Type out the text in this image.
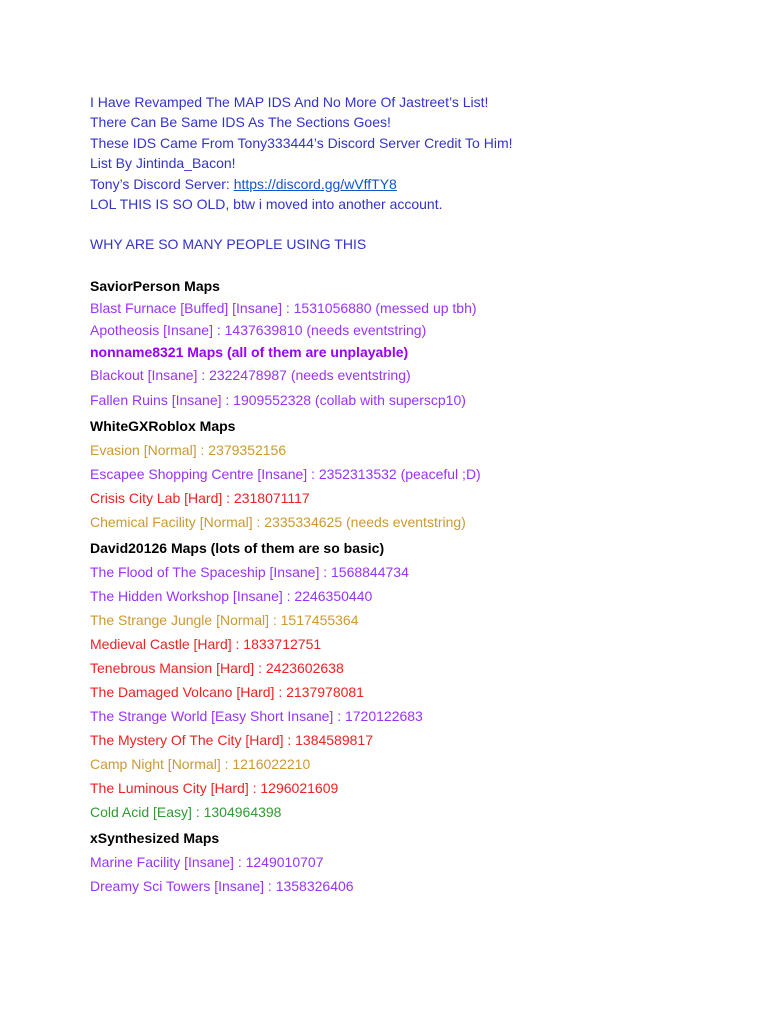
I Have Revamped The MAP IDS And No More Of Jastreet’s List!
There Can Be Same IDS As The Sections Goes!
These IDS Came From Tony333444’s Discord Server Credit To Him!
List By Jintinda_Bacon!
Tony’s Discord Server: https://discord.gg/wVffTY8
LOL THIS IS SO OLD, btw i moved into another account.
WHY ARE SO MANY PEOPLE USING THIS
SaviorPerson Maps
Blast Furnace [Buffed] [Insane] : 1531056880 (messed up tbh)
Apotheosis [Insane] : 1437639810 (needs eventstring)
nonname8321 Maps (all of them are unplayable)
Blackout [Insane] : 2322478987 (needs eventstring)
Fallen Ruins [Insane] : 1909552328 (collab with superscp10)
WhiteGXRoblox Maps
Evasion [Normal] : 2379352156
Escapee Shopping Centre [Insane] : 2352313532 (peaceful ;D)
Crisis City Lab [Hard] : 2318071117
Chemical Facility [Normal] : 2335334625 (needs eventstring)
David20126 Maps (lots of them are so basic)
The Flood of The Spaceship [Insane] : 1568844734
The Hidden Workshop [Insane] : 2246350440
The Strange Jungle [Normal] : 1517455364
Medieval Castle [Hard] : 1833712751
Tenebrous Mansion [Hard] : 2423602638
The Damaged Volcano [Hard] : 2137978081
The Strange World [Easy Short Insane] : 1720122683
The Mystery Of The City [Hard] : 1384589817
Camp Night [Normal] : 1216022210
The Luminous City [Hard] : 1296021609
Cold Acid [Easy] : 1304964398
xSynthesized Maps
Marine Facility [Insane] : 1249010707
Dreamy Sci Towers [Insane] : 1358326406
